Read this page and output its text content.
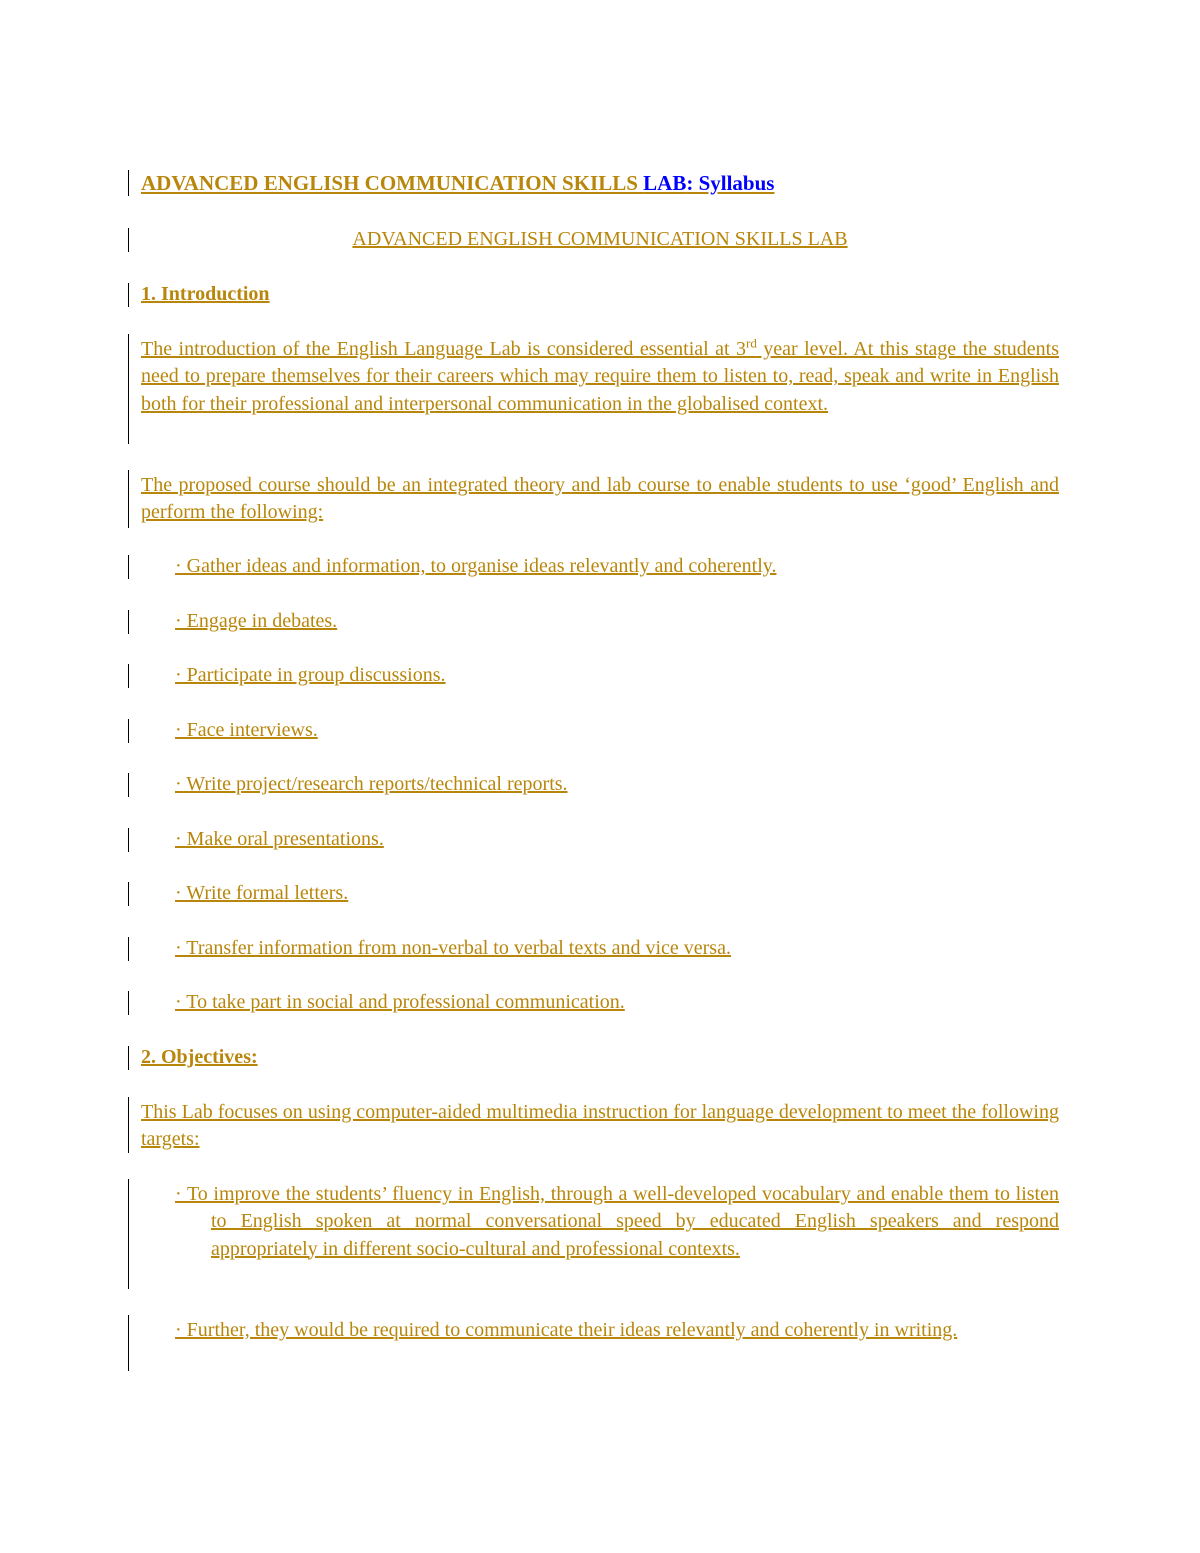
ADVANCED ENGLISH COMMUNICATION SKILLS LAB: Syllabus
ADVANCED ENGLISH COMMUNICATION SKILLS LAB
1. Introduction
The introduction of the English Language Lab is considered essential at 3rd year level. At this stage the students need to prepare themselves for their careers which may require them to listen to, read, speak and write in English both for their professional and interpersonal communication in the globalised context.
The proposed course should be an integrated theory and lab course to enable students to use ‘good’ English and perform the following:
· Gather ideas and information, to organise ideas relevantly and coherently.
· Engage in debates.
· Participate in group discussions.
· Face interviews.
· Write project/research reports/technical reports.
· Make oral presentations.
· Write formal letters.
· Transfer information from non-verbal to verbal texts and vice versa.
· To take part in social and professional communication.
2. Objectives:
This Lab focuses on using computer-aided multimedia instruction for language development to meet the following targets:
· To improve the students’ fluency in English, through a well-developed vocabulary and enable them to listen to English spoken at normal conversational speed by educated English speakers and respond appropriately in different socio-cultural and professional contexts.
· Further, they would be required to communicate their ideas relevantly and coherently in writing.
